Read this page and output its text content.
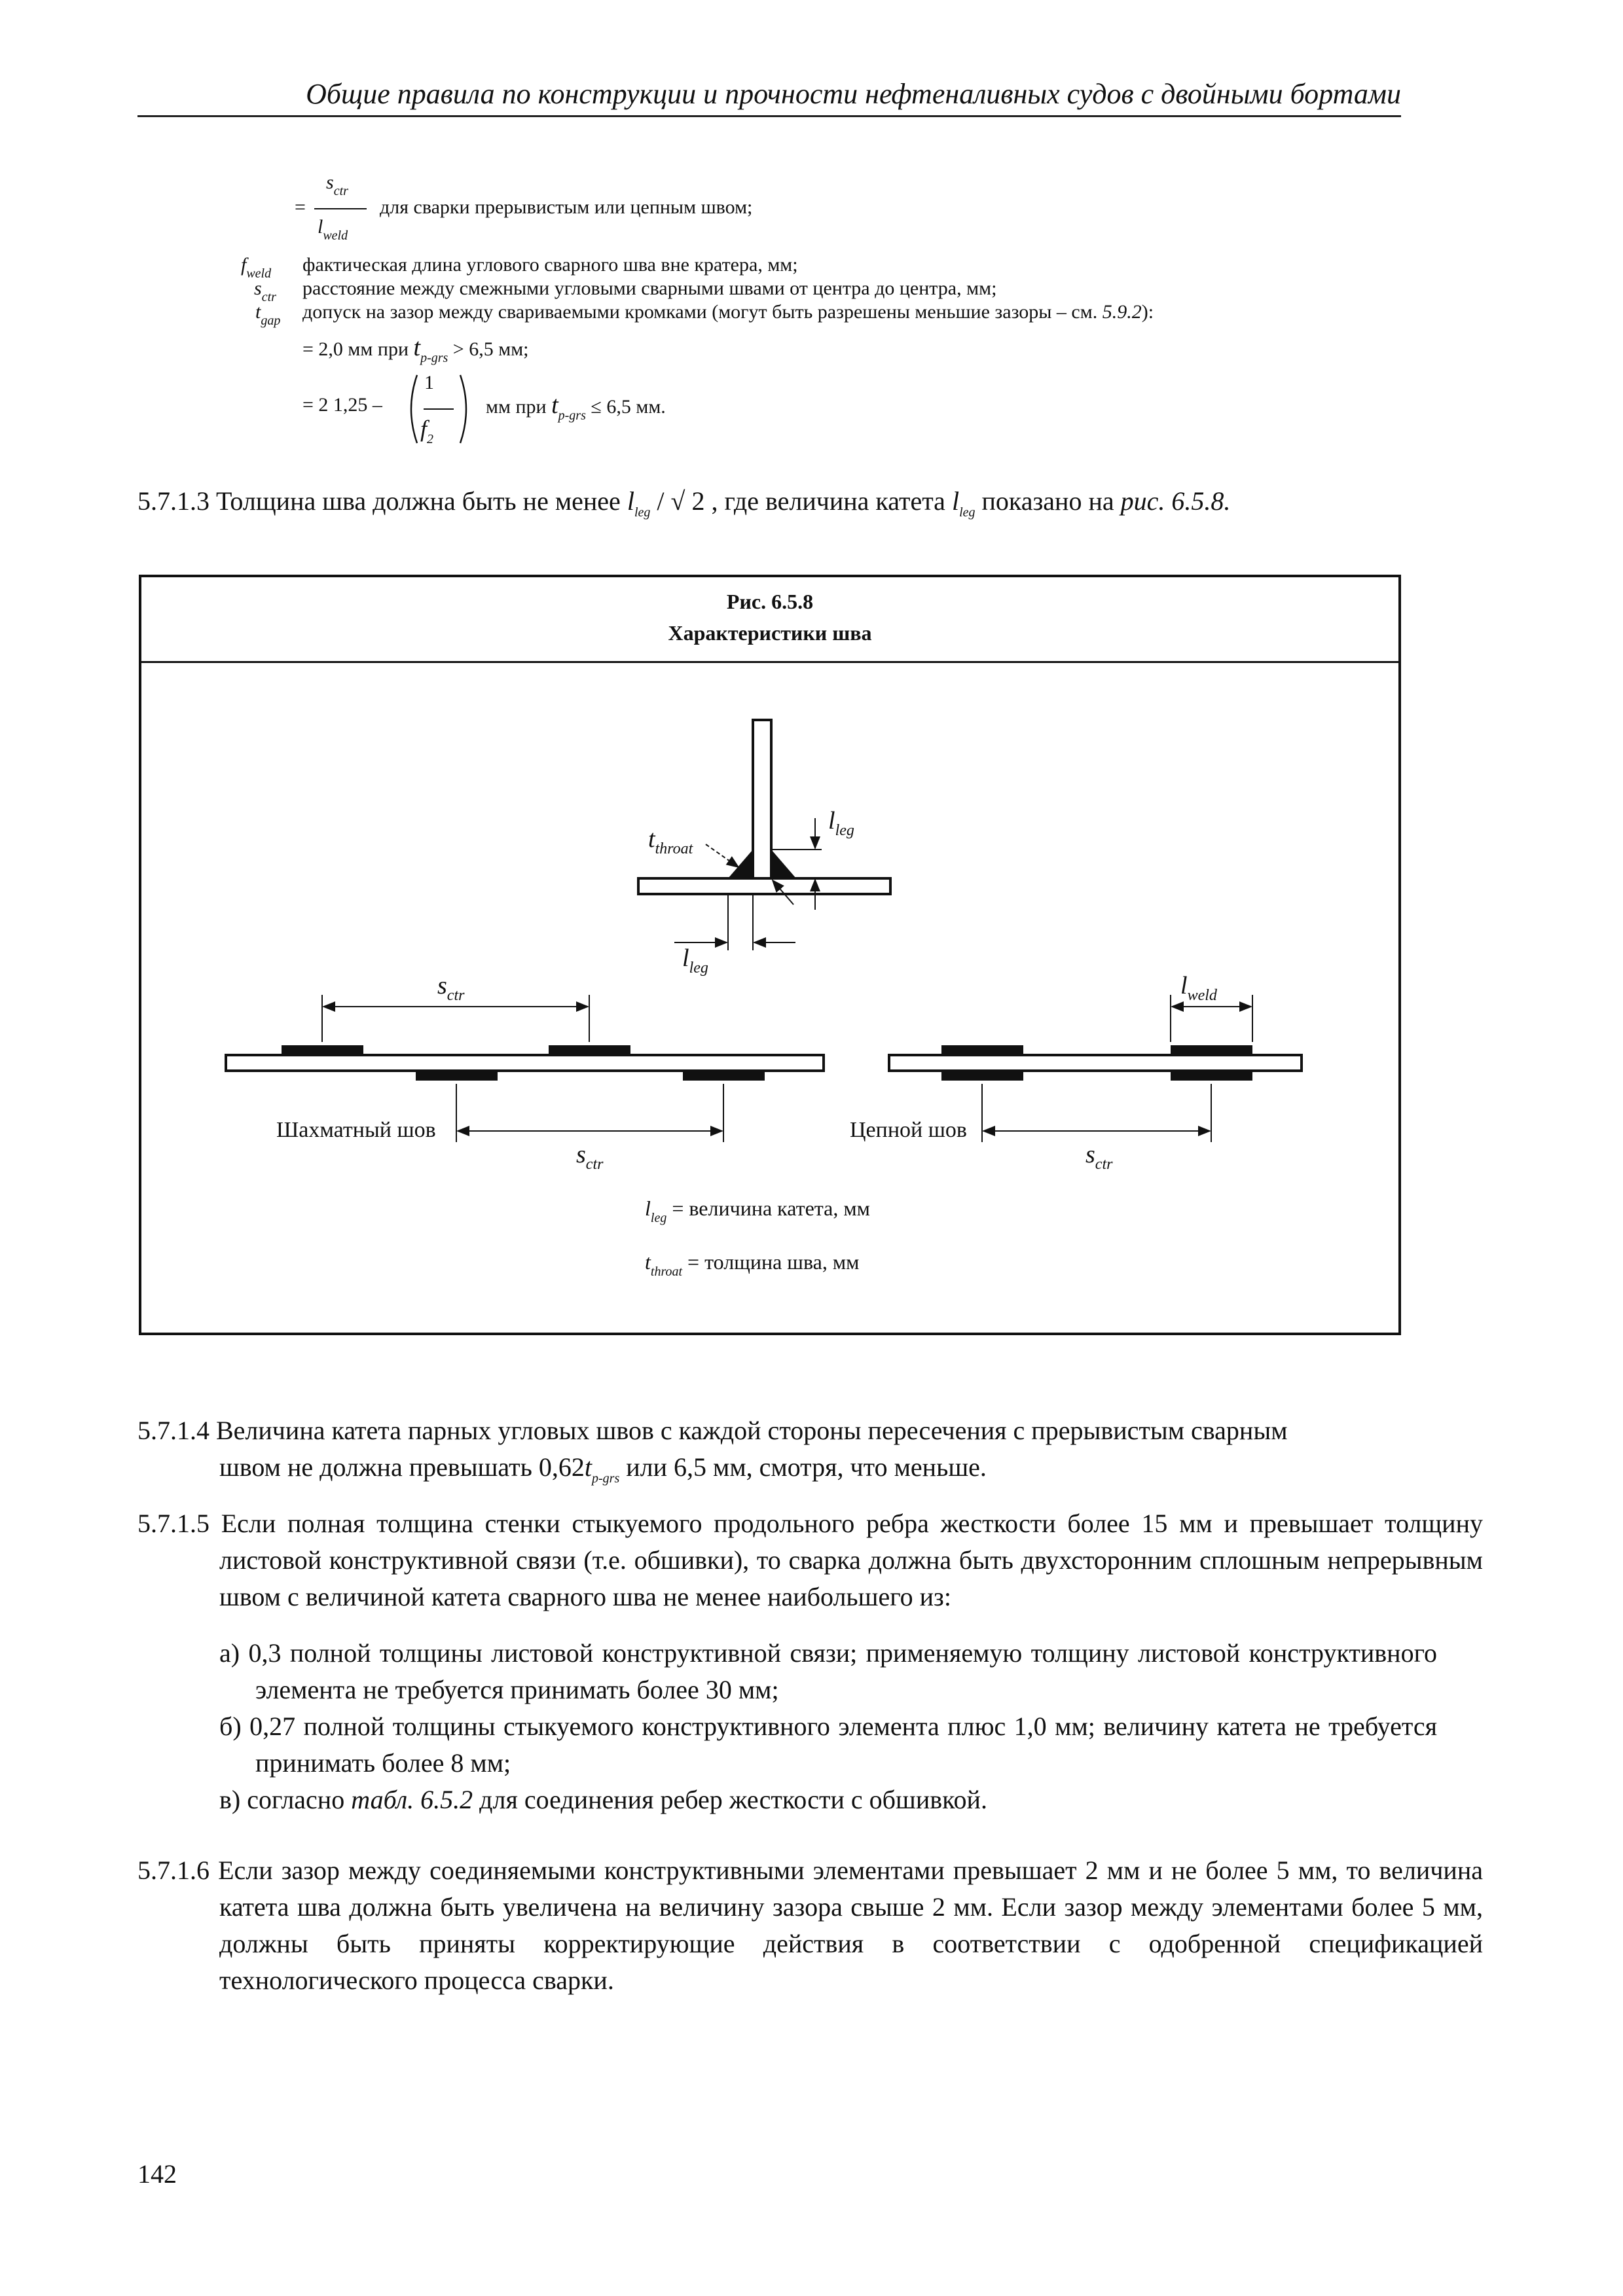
Общие правила по конструкции и прочности нефтеналивных судов с двойными бортами
=
$s_{ctr}$
$l_{weld}$
для сварки прерывистым или цепным швом;
$f_{weld}$ фактическая длина углового сварного шва вне кратера, мм;
$s_{ctr}$ расстояние между смежными угловыми сварными швами от центра до центра, мм;
$t_{gap}$ допуск на зазор между свариваемыми кромками (могут быть разрешены меньшие зазоры – см. 5.9.2):
= 2,0 мм при $t_{p-grs} > 6,5$ мм;
= 2 1,25 –
1
$f_2$
мм при $t_{p-grs} \le 6,5$ мм.
5.7.1.3 Толщина шва должна быть не менее $l_{leg}$ / √ 2 , где величина катета $l_{leg}$ показано на рис. 6.5.8.
Рис. 6.5.8
Характеристики шва
$t_{throat}$
$l_{leg}$
$l_{leg}$
$s_{ctr}$	$l_{weld}$
Шахматный шов	Цепной шов
$s_{ctr}$	$s_{ctr}$
$l_{leg}$ = величина катета, мм
$t_{throat}$ = толщина шва, мм
5.7.1.4 Величина катета парных угловых швов с каждой стороны пересечения с прерывистым сварным
швом не должна превышать $0,62t_{p-grs}$ или 6,5 мм, смотря, что меньше.
5.7.1.5 Если полная толщина стенки стыкуемого продольного ребра жесткости более 15 мм и превышает толщину листовой конструктивной связи (т.е. обшивки), то сварка должна быть двухсторонним сплошным непрерывным швом с величиной катета сварного шва не менее наибольшего из:
а) 0,3 полной толщины листовой конструктивной связи; применяемую толщину листовой конструктивного элемента не требуется принимать более 30 мм;
б) 0,27 полной толщины стыкуемого конструктивного элемента плюс 1,0 мм; величину катета не требуется принимать более 8 мм;
в) согласно табл. 6.5.2 для соединения ребер жесткости с обшивкой.
5.7.1.6 Если зазор между соединяемыми конструктивными элементами превышает 2 мм и не более 5 мм, то величина катета шва должна быть увеличена на величину зазора свыше 2 мм. Если зазор между элементами более 5 мм, должны быть приняты корректирующие действия в соответствии с одобренной спецификацией технологического процесса сварки.
142
